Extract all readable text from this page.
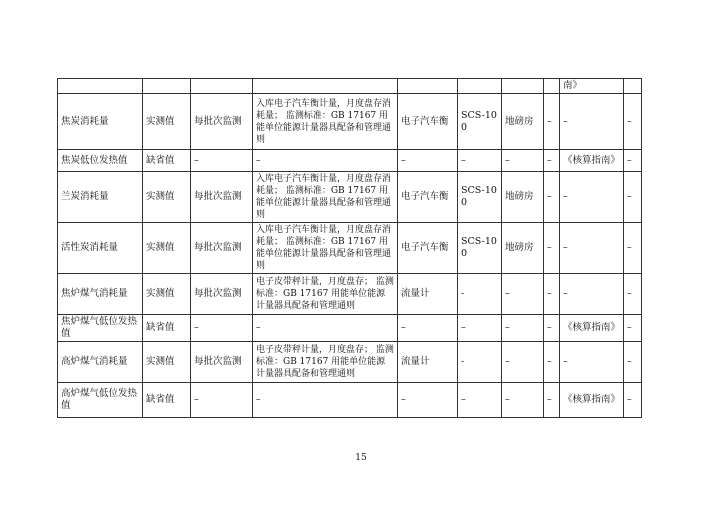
								南》	
焦炭消耗量	实测值	每批次监测	入库电子汽车衡计量，月度盘存消耗量； 监测标准：GB 17167 用能单位能源计量器具配备和管理通则	电子汽车衡	SCS-100	地磅房	–	–	–
焦炭低位发热值	缺省值	–	–	–	–	–	–	《核算指南》	–
兰炭消耗量	实测值	每批次监测	入库电子汽车衡计量，月度盘存消耗量； 监测标准：GB 17167 用能单位能源计量器具配备和管理通则	电子汽车衡	SCS-100	地磅房	–	–	–
活性炭消耗量	实测值	每批次监测	入库电子汽车衡计量，月度盘存消耗量； 监测标准：GB 17167 用能单位能源计量器具配备和管理通则	电子汽车衡	SCS-100	地磅房	–	–	–
焦炉煤气消耗量	实测值	每批次监测	电子皮带秤计量，月度盘存； 监测标准：GB 17167 用能单位能源计量器具配备和管理通则	流量计	-	–	–	–	–
焦炉煤气低位发热值	缺省值	–	–	–	–	–	–	《核算指南》	–
高炉煤气消耗量	实测值	每批次监测	电子皮带秤计量，月度盘存； 监测标准：GB 17167 用能单位能源计量器具配备和管理通则	流量计	-	–	–	–	–
高炉煤气低位发热值	缺省值	–	–	–	–	–	–	《核算指南》	–
15
